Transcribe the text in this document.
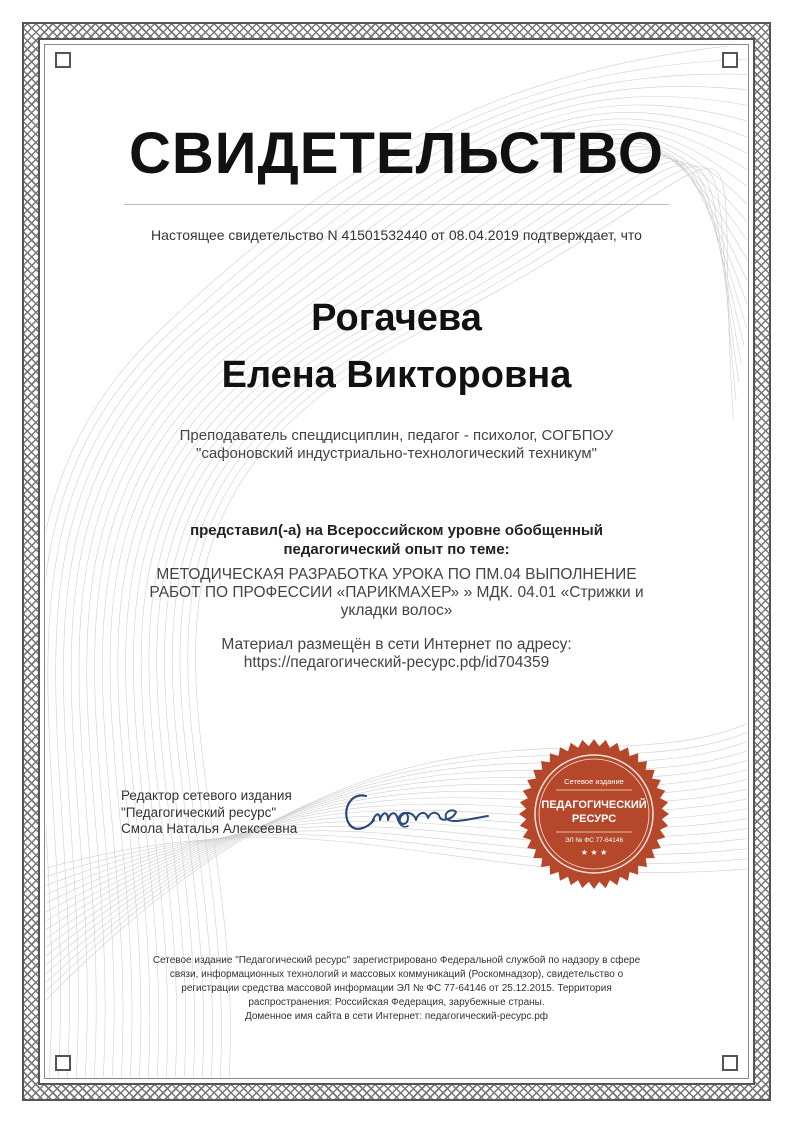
СВИДЕТЕЛЬСТВО
Настоящее свидетельство N 41501532440 от 08.04.2019 подтверждает, что
Рогачева
Елена Викторовна
Преподаватель спецдисциплин, педагог - психолог, СОГБПОУ
"сафоновский индустриально-технологический техникум"
представил(-а) на Всероссийском уровне обобщенный
педагогический опыт по теме:
МЕТОДИЧЕСКАЯ РАЗРАБОТКА УРОКА ПО ПМ.04 ВЫПОЛНЕНИЕ
РАБОТ ПО ПРОФЕССИИ «ПАРИКМАХЕР» » МДК. 04.01 «Стрижки и
укладки волос»
Материал размещён в сети Интернет по адресу:
https://педагогический-ресурс.рф/id704359
Редактор сетевого издания
"Педагогический ресурс"
Смола Наталья Алексеевна
Сетевое издание
ПЕДАГОГИЧЕСКИЙ
РЕСУРС
ЭЛ № ФС 77-64146
★ ★ ★
Сетевое издание "Педагогический ресурс" зарегистрировано Федеральной службой по надзору в сфере
связи, информационных технологий и массовых коммуникаций (Роскомнадзор), свидетельство о
регистрации средства массовой информации ЭЛ № ФС 77-64146 от 25.12.2015. Территория
распространения: Российская Федерация, зарубежные страны.
Доменное имя сайта в сети Интернет: педагогический-ресурс.рф
